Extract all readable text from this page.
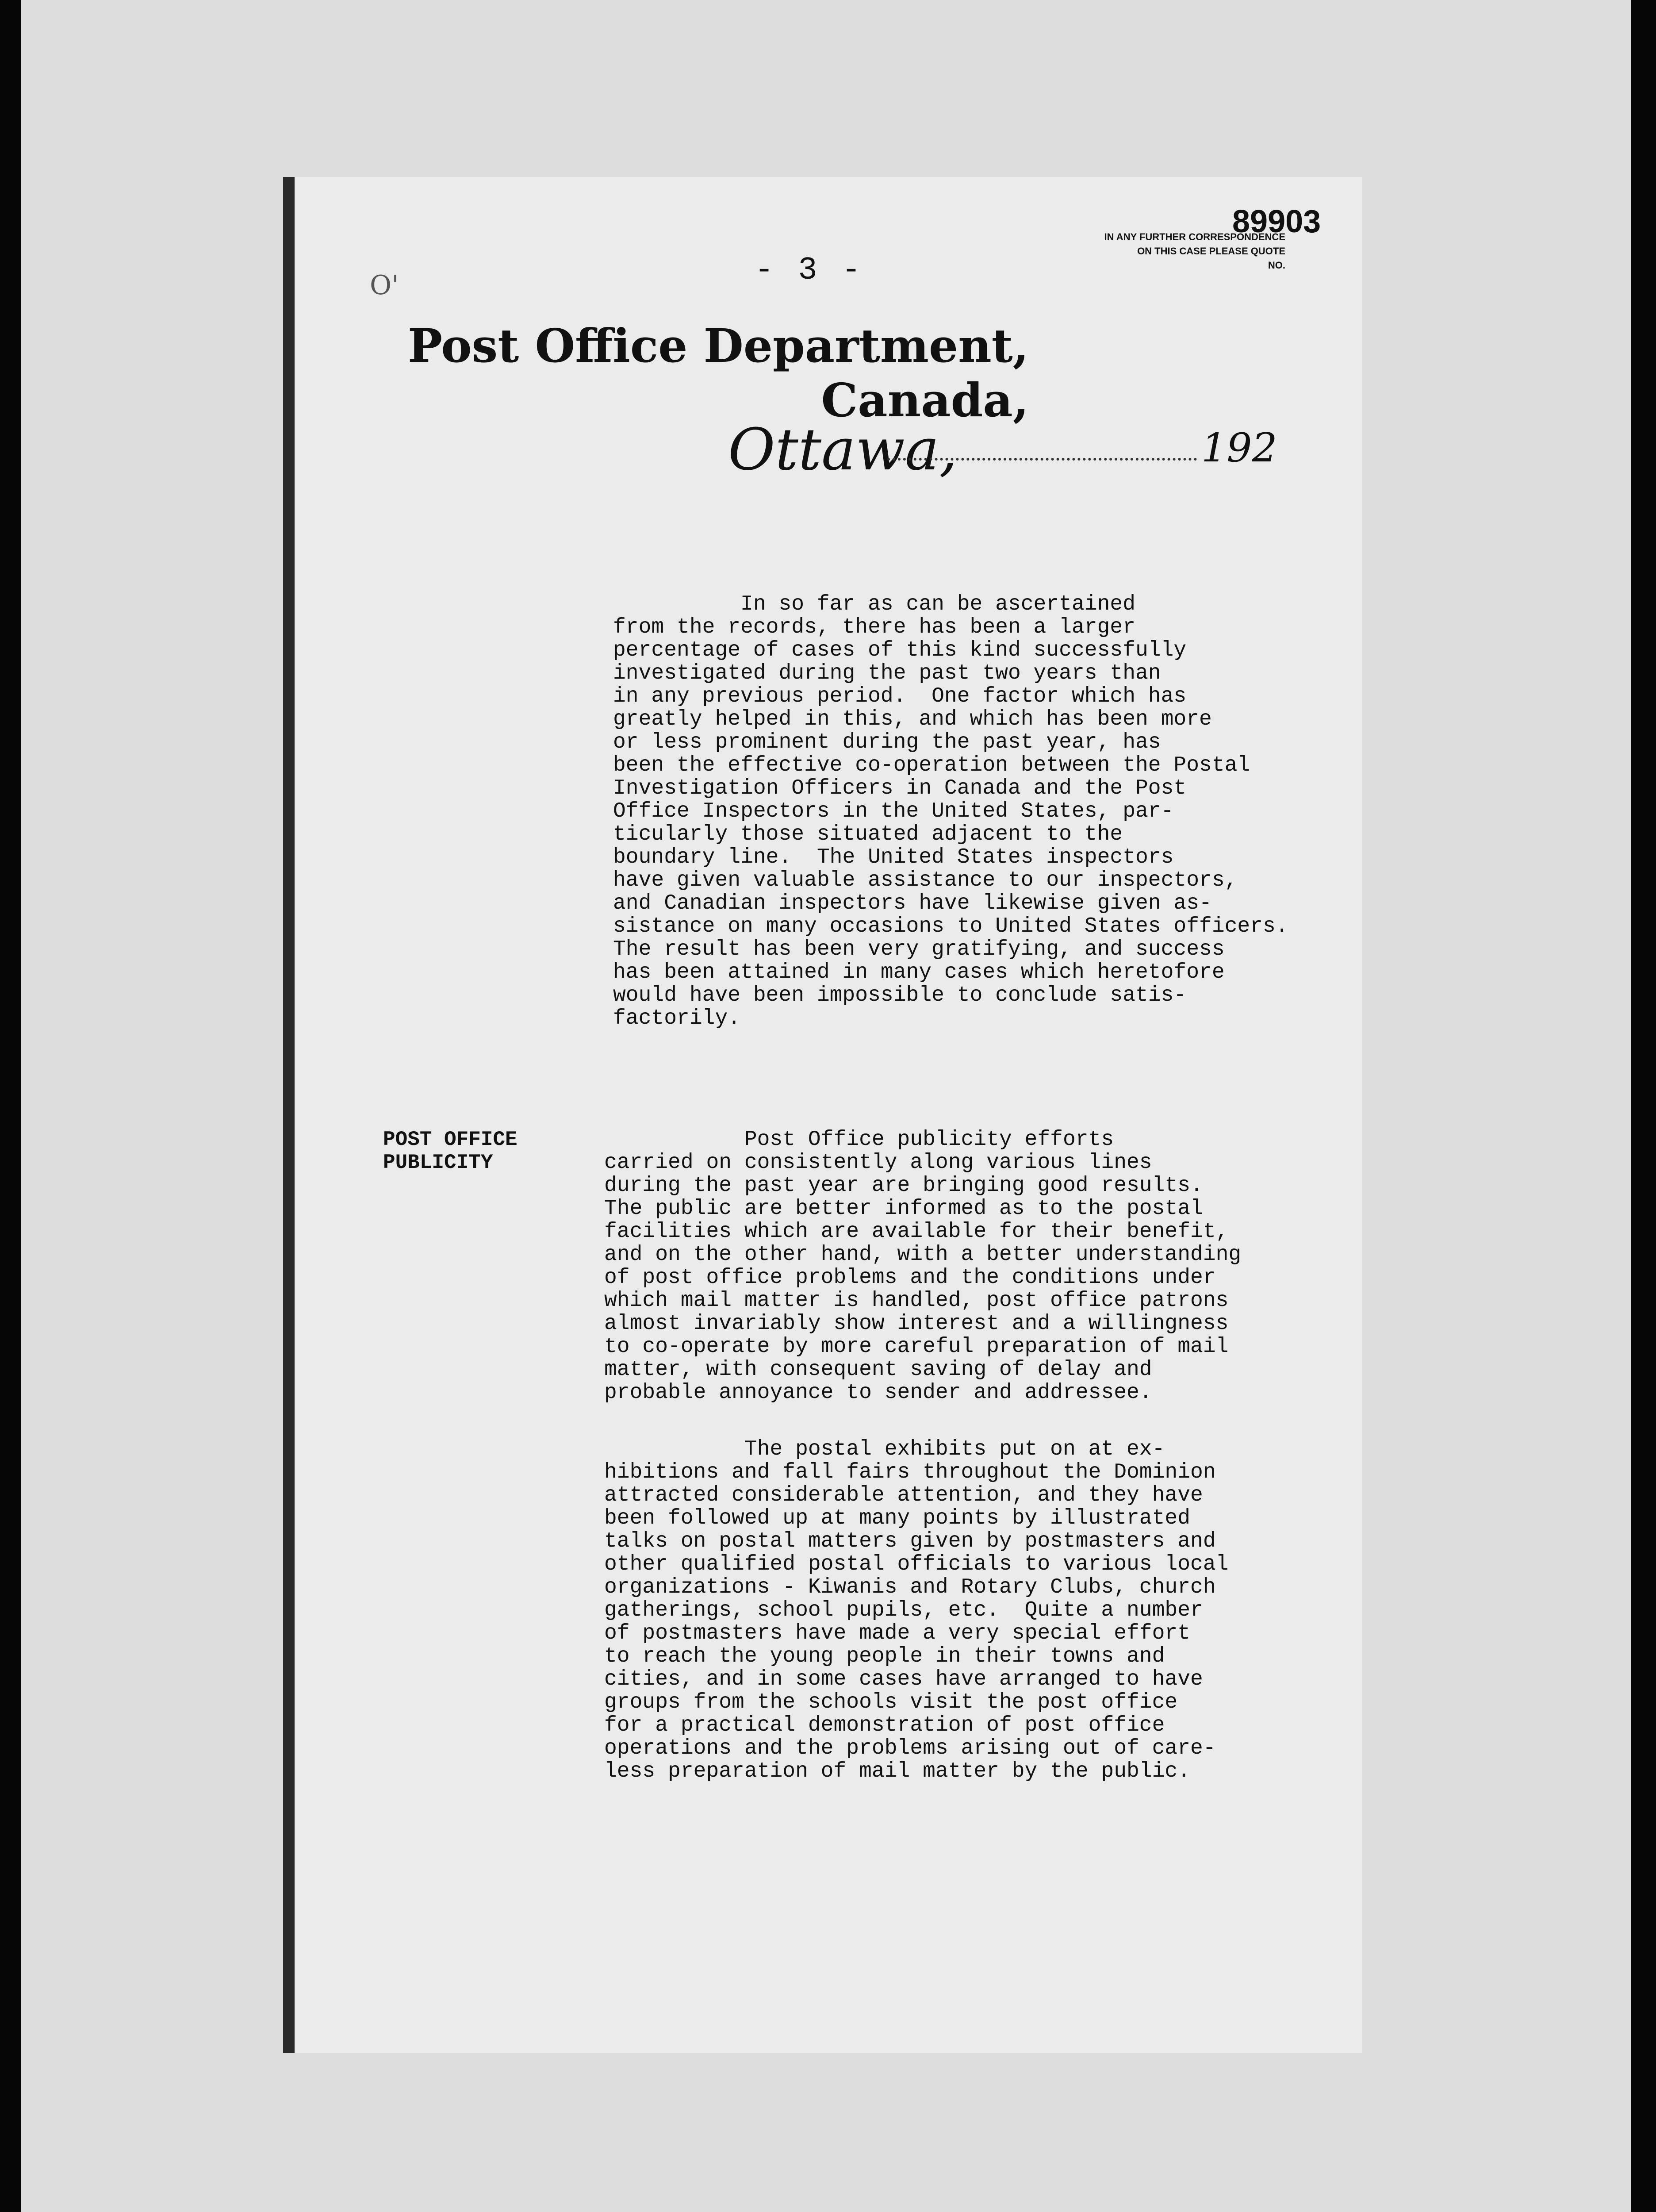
- 3 -
89903
IN ANY FURTHER CORRESPONDENCE
ON THIS CASE PLEASE QUOTE
NO.
O'
Post Office Department, Canada,
Ottawa,	192
In so far as can be ascertained
from the records, there has been a larger
percentage of cases of this kind successfully
investigated during the past two years than
in any previous period.  One factor which has
greatly helped in this, and which has been more
or less prominent during the past year, has
been the effective co-operation between the Postal
Investigation Officers in Canada and the Post
Office Inspectors in the United States, par-
ticularly those situated adjacent to the
boundary line.  The United States inspectors
have given valuable assistance to our inspectors,
and Canadian inspectors have likewise given as-
sistance on many occasions to United States officers.
The result has been very gratifying, and success
has been attained in many cases which heretofore
would have been impossible to conclude satis-
factorily.
POST OFFICE
PUBLICITY
Post Office publicity efforts
carried on consistently along various lines
during the past year are bringing good results.
The public are better informed as to the postal
facilities which are available for their benefit,
and on the other hand, with a better understanding
of post office problems and the conditions under
which mail matter is handled, post office patrons
almost invariably show interest and a willingness
to co-operate by more careful preparation of mail
matter, with consequent saving of delay and
probable annoyance to sender and addressee.
The postal exhibits put on at ex-
hibitions and fall fairs throughout the Dominion
attracted considerable attention, and they have
been followed up at many points by illustrated
talks on postal matters given by postmasters and
other qualified postal officials to various local
organizations - Kiwanis and Rotary Clubs, church
gatherings, school pupils, etc.  Quite a number
of postmasters have made a very special effort
to reach the young people in their towns and
cities, and in some cases have arranged to have
groups from the schools visit the post office
for a practical demonstration of post office
operations and the problems arising out of care-
less preparation of mail matter by the public.
